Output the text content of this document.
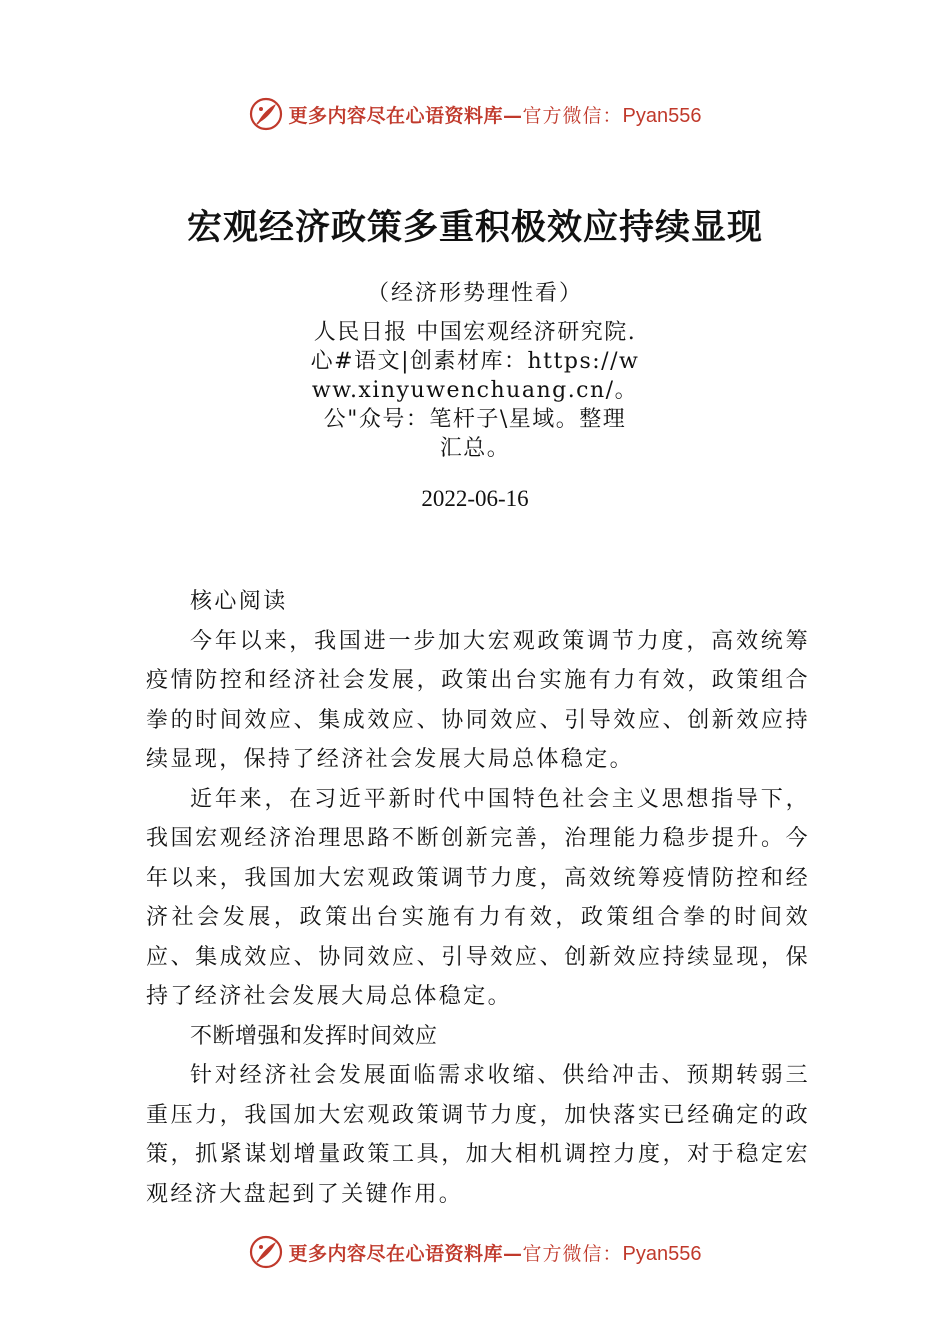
更多内容尽在心语资料库—官方微信：Pyan556
宏观经济政策多重积极效应持续显现
（经济形势理性看）
人民日报 中国宏观经济研究院.
心#语文|创素材库：https://w
ww.xinyuwenchuang.cn/。
公"众号：笔杆子\星域。整理
汇总。
2022-06-16

核心阅读

今年以来，我国进一步加大宏观政策调节力度，高效统筹疫情防控和经济社会发展，政策出台实施有力有效，政策组合拳的时间效应、集成效应、协同效应、引导效应、创新效应持续显现，保持了经济社会发展大局总体稳定。

近年来，在习近平新时代中国特色社会主义思想指导下，我国宏观经济治理思路不断创新完善，治理能力稳步提升。今年以来，我国加大宏观政策调节力度，高效统筹疫情防控和经济社会发展，政策出台实施有力有效，政策组合拳的时间效应、集成效应、协同效应、引导效应、创新效应持续显现，保持了经济社会发展大局总体稳定。

不断增强和发挥时间效应

针对经济社会发展面临需求收缩、供给冲击、预期转弱三重压力，我国加大宏观政策调节力度，加快落实已经确定的政策，抓紧谋划增量政策工具，加大相机调控力度，对于稳定宏观经济大盘起到了关键作用。

更多内容尽在心语资料库—官方微信：Pyan556
